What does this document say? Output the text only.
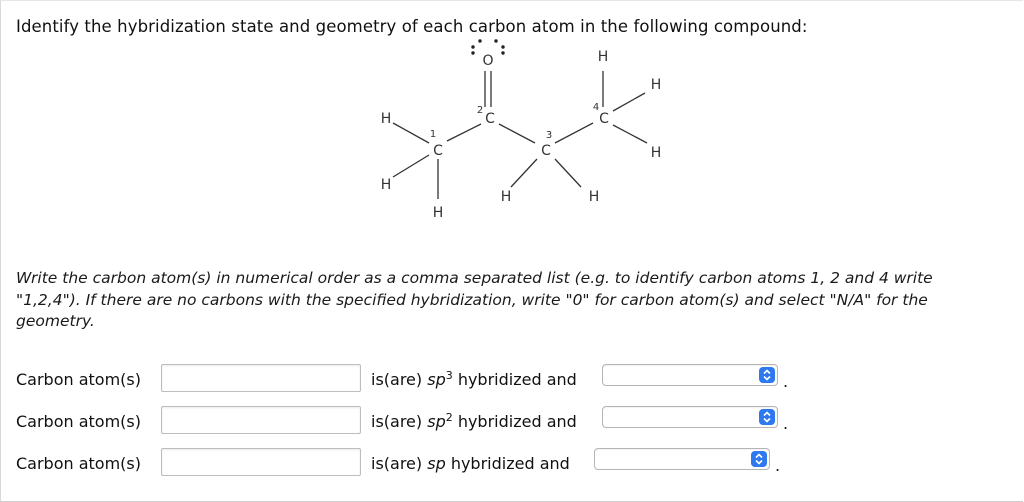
Identify the hybridization state and geometry of each carbon atom in the following compound:
O
C
C
C
C
H
H
H
H	H
H
H
H
1
2
3
4
Write the carbon atom(s) in numerical order as a comma separated list (e.g. to identify carbon atoms 1, 2 and 4 write
"1,2,4"). If there are no carbons with the specified hybridization, write "0" for carbon atom(s) and select "N/A" for the
geometry.
Carbon atom(s)	is(are) $sp^3$ hybridized and	.
Carbon atom(s)	is(are) $sp^2$ hybridized and	.
Carbon atom(s)	is(are) sp hybridized and	.
